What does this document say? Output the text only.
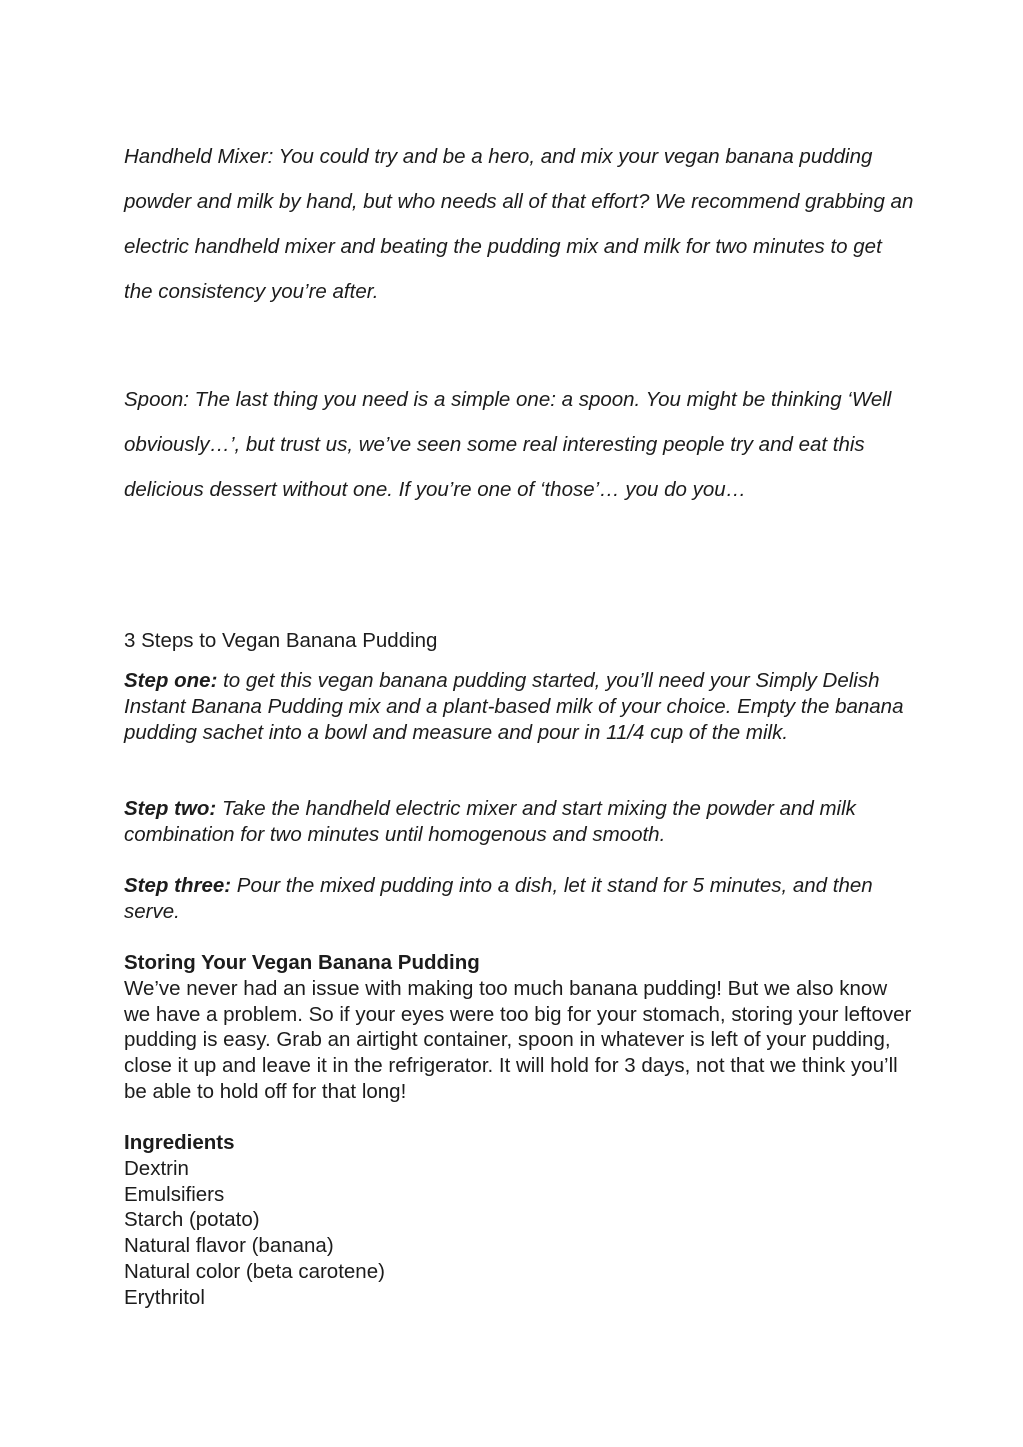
Handheld Mixer: You could try and be a hero, and mix your vegan banana pudding powder and milk by hand, but who needs all of that effort? We recommend grabbing an electric handheld mixer and beating the pudding mix and milk for two minutes to get the consistency you’re after.

Spoon: The last thing you need is a simple one: a spoon. You might be thinking ‘Well obviously…’, but trust us, we’ve seen some real interesting people try and eat this delicious dessert without one. If you’re one of ‘those’… you do you…

3 Steps to Vegan Banana Pudding

Step one: to get this vegan banana pudding started, you’ll need your Simply Delish Instant Banana Pudding mix and a plant-based milk of your choice. Empty the banana pudding sachet into a bowl and measure and pour in 11/4 cup of the milk.

Step two: Take the handheld electric mixer and start mixing the powder and milk combination for two minutes until homogenous and smooth.

Step three: Pour the mixed pudding into a dish, let it stand for 5 minutes, and then serve.

Storing Your Vegan Banana Pudding
We’ve never had an issue with making too much banana pudding! But we also know we have a problem. So if your eyes were too big for your stomach, storing your leftover pudding is easy. Grab an airtight container, spoon in whatever is left of your pudding, close it up and leave it in the refrigerator. It will hold for 3 days, not that we think you’ll be able to hold off for that long!
Ingredients
Dextrin
Emulsifiers
Starch (potato)
Natural flavor (banana)
Natural color (beta carotene)
Erythritol
